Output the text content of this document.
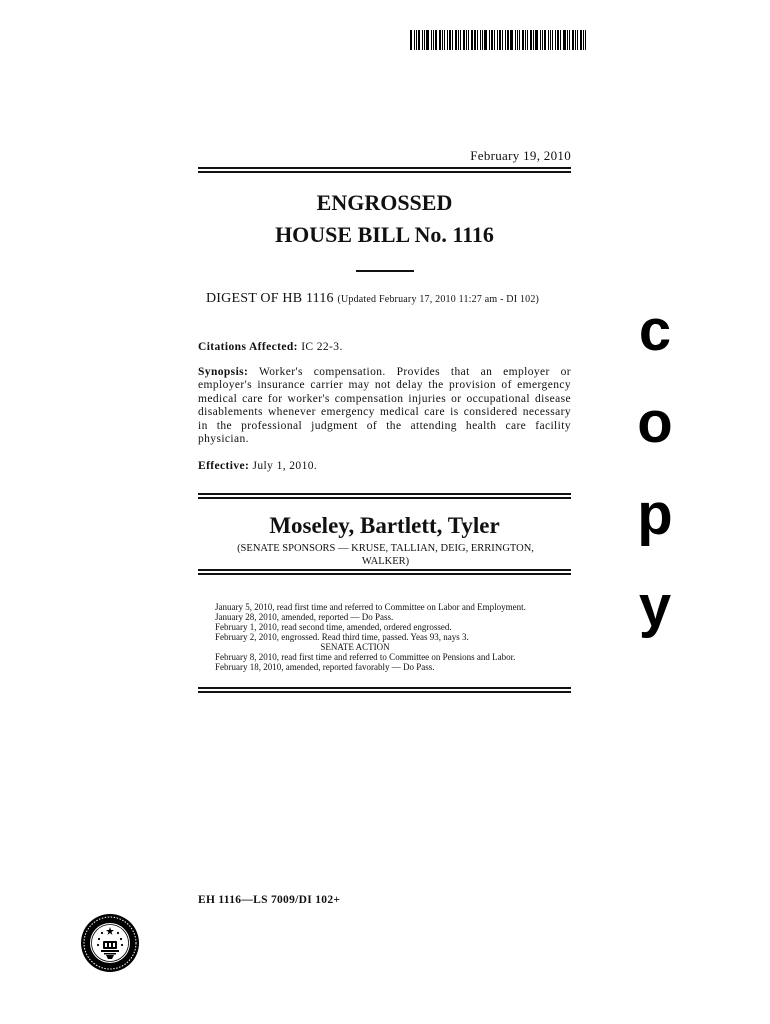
February 19, 2010
ENGROSSED
HOUSE BILL No. 1116
DIGEST OF HB 1116 (Updated February 17, 2010 11:27 am - DI 102)
Citations Affected: IC 22-3.
Synopsis: Worker's compensation. Provides that an employer or employer's insurance carrier may not delay the provision of emergency medical care for worker's compensation injuries or occupational disease disablements whenever emergency medical care is considered necessary in the professional judgment of the attending health care facility physician.
Effective: July 1, 2010.
Moseley, Bartlett, Tyler
(SENATE SPONSORS — KRUSE, TALLIAN, DEIG, ERRINGTON, WALKER)
January 5, 2010, read first time and referred to Committee on Labor and Employment.
January 28, 2010, amended, reported — Do Pass.
February 1, 2010, read second time, amended, ordered engrossed.
February 2, 2010, engrossed. Read third time, passed. Yeas 93, nays 3.
SENATE ACTION
February 8, 2010, read first time and referred to Committee on Pensions and Labor.
February 18, 2010, amended, reported favorably — Do Pass.
c
o
p
y
EH 1116—LS 7009/DI 102+
